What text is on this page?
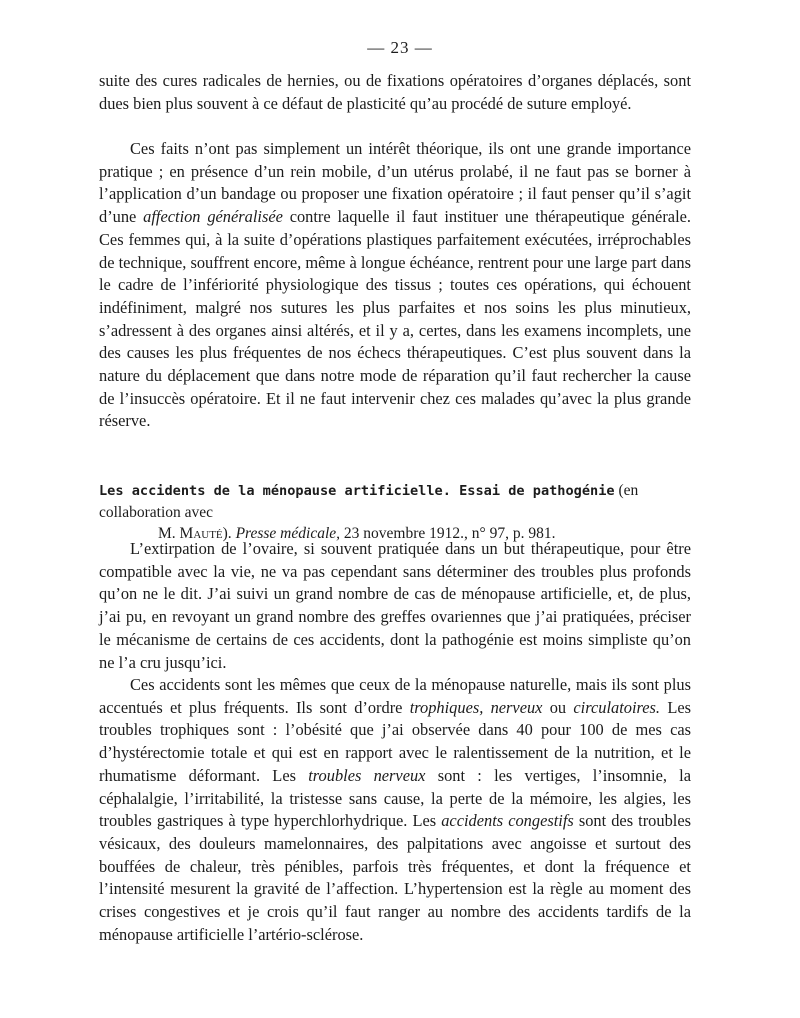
— 23 —

suite des cures radicales de hernies, ou de fixations opératoires d’organes déplacés, sont dues bien plus souvent à ce défaut de plasticité qu’au procédé de suture employé.

Ces faits n’ont pas simplement un intérêt théorique, ils ont une grande importance pratique ; en présence d’un rein mobile, d’un utérus prolabé, il ne faut pas se borner à l’application d’un bandage ou proposer une fixation opératoire ; il faut penser qu’il s’agit d’une affection généralisée contre laquelle il faut instituer une thérapeutique générale. Ces femmes qui, à la suite d’opérations plastiques parfaitement exécutées, irréprochables de technique, souffrent encore, même à longue échéance, rentrent pour une large part dans le cadre de l’infériorité physiologique des tissus ; toutes ces opérations, qui échouent indéfiniment, malgré nos sutures les plus parfaites et nos soins les plus minutieux, s’adressent à des organes ainsi altérés, et il y a, certes, dans les examens incomplets, une des causes les plus fréquentes de nos échecs thérapeutiques. C’est plus souvent dans la nature du déplacement que dans notre mode de réparation qu’il faut rechercher la cause de l’insuccès opératoire. Et il ne faut intervenir chez ces malades qu’avec la plus grande réserve.

Les accidents de la ménopause artificielle. Essai de pathogénie (en collaboration avec
M. Mauté). Presse médicale, 23 novembre 1912., n° 97, p. 981.

L’extirpation de l’ovaire, si souvent pratiquée dans un but thérapeutique, pour être compatible avec la vie, ne va pas cependant sans déterminer des troubles plus profonds qu’on ne le dit. J’ai suivi un grand nombre de cas de ménopause artificielle, et, de plus, j’ai pu, en revoyant un grand nombre des greffes ovariennes que j’ai pratiquées, préciser le mécanisme de certains de ces accidents, dont la pathogénie est moins simpliste qu’on ne l’a cru jusqu’ici.

Ces accidents sont les mêmes que ceux de la ménopause naturelle, mais ils sont plus accentués et plus fréquents. Ils sont d’ordre trophiques, nerveux ou circulatoires. Les troubles trophiques sont : l’obésité que j’ai observée dans 40 pour 100 de mes cas d’hystérectomie totale et qui est en rapport avec le ralentissement de la nutrition, et le rhumatisme déformant. Les troubles nerveux sont : les vertiges, l’insomnie, la céphalalgie, l’irritabilité, la tristesse sans cause, la perte de la mémoire, les algies, les troubles gastriques à type hyperchlorhydrique. Les accidents congestifs sont des troubles vésicaux, des douleurs mamelonnaires, des palpitations avec angoisse et surtout des bouffées de chaleur, très pénibles, parfois très fréquentes, et dont la fréquence et l’intensité mesurent la gravité de l’affection. L’hypertension est la règle au moment des crises congestives et je crois qu’il faut ranger au nombre des accidents tardifs de la ménopause artificielle l’artério-sclérose.
